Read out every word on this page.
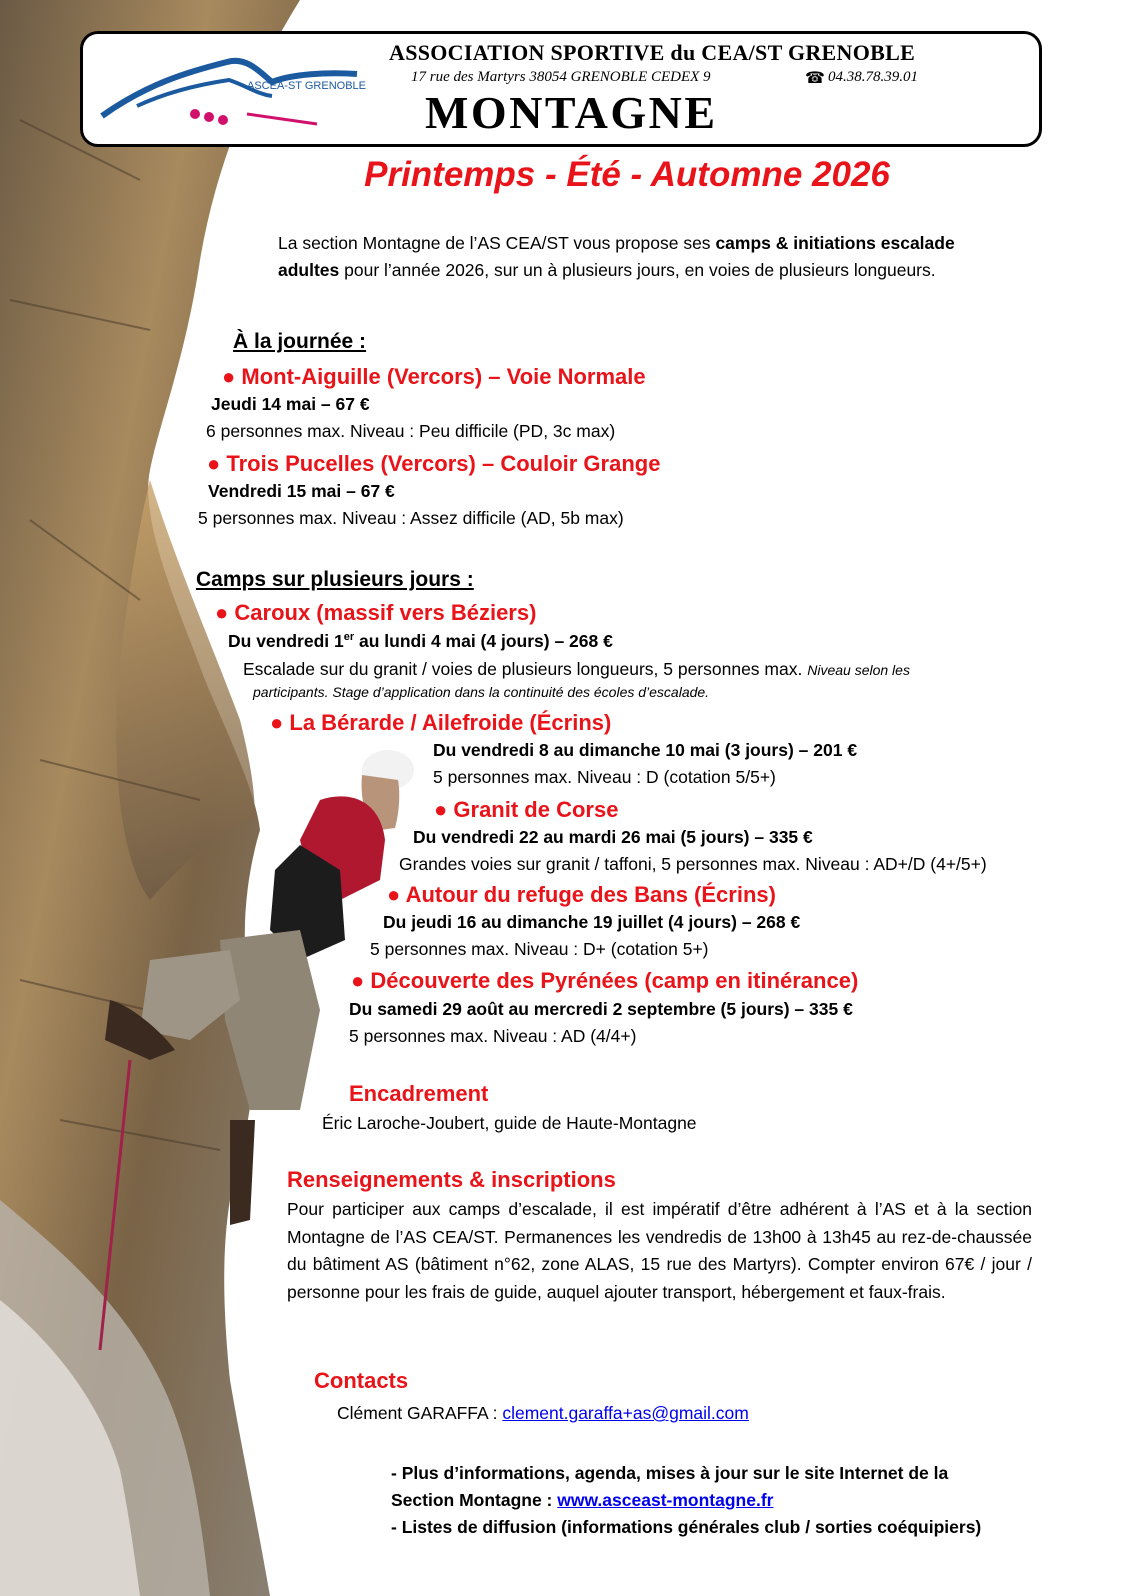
ASCEA-ST GRENOBLE
ASSOCIATION SPORTIVE du CEA/ST GRENOBLE
17 rue des Martyrs 38054 GRENOBLE CEDEX 9	☎ 04.38.78.39.01
MONTAGNE
Printemps - Été - Automne 2026
La section Montagne de l’AS CEA/ST vous propose ses camps & initiations escalade
adultes pour l’année 2026, sur un à plusieurs jours, en voies de plusieurs longueurs.
À la journée :
● Mont-Aiguille (Vercors) – Voie Normale
Jeudi 14 mai – 67 €
6 personnes max. Niveau : Peu difficile (PD, 3c max)
● Trois Pucelles (Vercors) – Couloir Grange
Vendredi 15 mai – 67 €
5 personnes max. Niveau : Assez difficile (AD, 5b max)
Camps sur plusieurs jours :
● Caroux (massif vers Béziers)
Du vendredi 1er au lundi 4 mai (4 jours) – 268 €
Escalade sur du granit / voies de plusieurs longueurs, 5 personnes max. Niveau selon les
participants. Stage d’application dans la continuité des écoles d’escalade.
● La Bérarde / Ailefroide (Écrins)
Du vendredi 8 au dimanche 10 mai (3 jours) – 201 €
5 personnes max. Niveau : D (cotation 5/5+)
● Granit de Corse
Du vendredi 22 au mardi 26 mai (5 jours) – 335 €
Grandes voies sur granit / taffoni, 5 personnes max. Niveau : AD+/D (4+/5+)
● Autour du refuge des Bans (Écrins)
Du jeudi 16 au dimanche 19 juillet (4 jours) – 268 €
5 personnes max. Niveau : D+ (cotation 5+)
● Découverte des Pyrénées (camp en itinérance)
Du samedi 29 août au mercredi 2 septembre (5 jours) – 335 €
5 personnes max. Niveau : AD (4/4+)
Encadrement
Éric Laroche-Joubert, guide de Haute-Montagne
Renseignements & inscriptions
Pour participer aux camps d’escalade, il est impératif d’être adhérent à l’AS et à la section Montagne de l’AS CEA/ST. Permanences les vendredis de 13h00 à 13h45 au rez-de-chaussée du bâtiment AS (bâtiment n°62, zone ALAS, 15 rue des Martyrs). Compter environ 67€ / jour / personne pour les frais de guide, auquel ajouter transport, hébergement et faux-frais.
Contacts
Clément GARAFFA : clement.garaffa+as@gmail.com
- Plus d’informations, agenda, mises à jour sur le site Internet de la
Section Montagne : www.asceast-montagne.fr
- Listes de diffusion (informations générales club / sorties coéquipiers)
